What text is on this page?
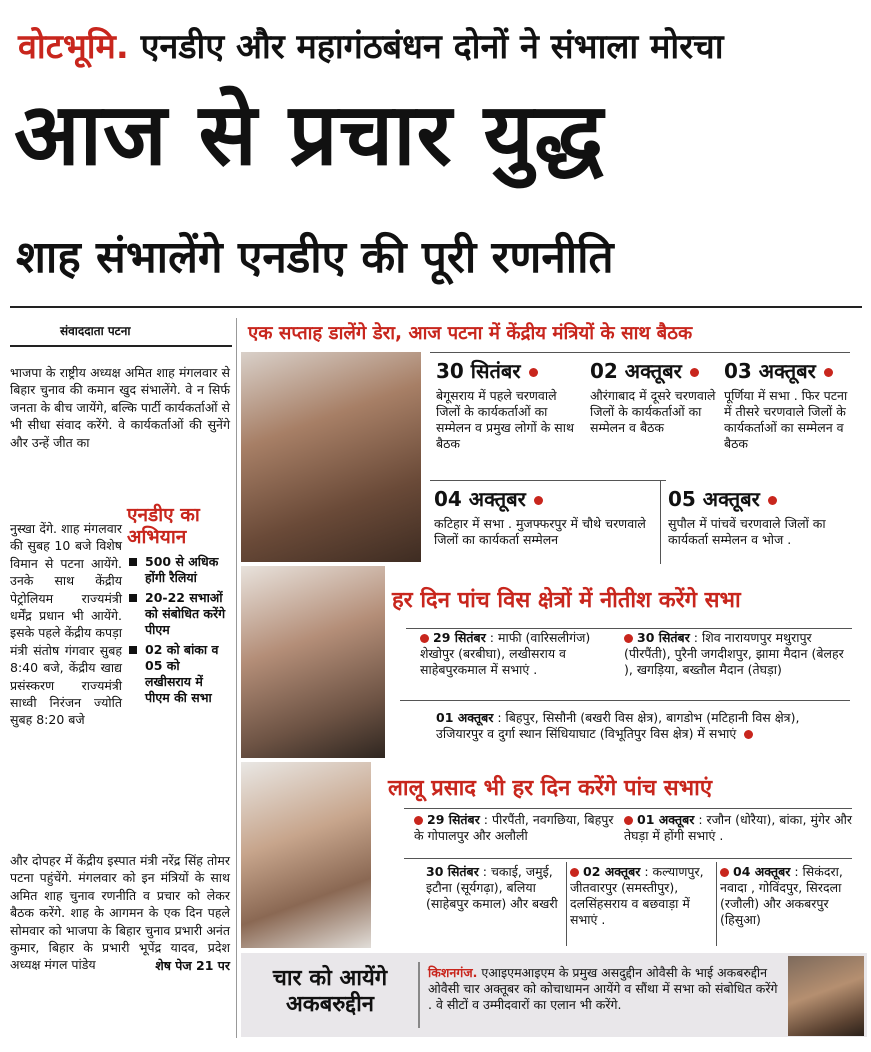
वोटभूमि. एनडीए और महागंठबंधन दोनों ने संभाला मोरचा
आज से प्रचार युद्ध
शाह संभालेंगे एनडीए की पूरी रणनीति
संवाददाता पटना

भाजपा के राष्ट्रीय अध्यक्ष अमित शाह मंगलवार से बिहार चुनाव की कमान खुद संभालेंगे. वे न सिर्फ जनता के बीच जायेंगे, बल्कि पार्टी कार्यकर्ताओं से भी सीधा संवाद करेंगे. वे कार्यकर्ताओं की सुनेंगे और उन्हें जीत का

नुस्खा देंगे. शाह मंगलवार की सुबह 10 बजे विशेष विमान से पटना आयेंगे. उनके साथ केंद्रीय पेट्रोलियम राज्यमंत्री धर्मेंद्र प्रधान भी आयेंगे. इसके पहले केंद्रीय कपड़ा मंत्री संतोष गंगवार सुबह 8:40 बजे, केंद्रीय खाद्य प्रसंस्करण राज्यमंत्री साध्वी निरंजन ज्योति सुबह 8:20 बजे

और दोपहर में केंद्रीय इस्पात मंत्री नरेंद्र सिंह तोमर पटना पहुंचेंगे. मंगलवार को इन मंत्रियों के साथ अमित शाह चुनाव रणनीति व प्रचार को लेकर बैठक करेंगे. शाह के आगमन के एक दिन पहले सोमवार को भाजपा के बिहार चुनाव प्रभारी अनंत कुमार, बिहार के प्रभारी भूपेंद्र यादव, प्रदेश अध्यक्ष मंगल पांडेय	शेष पेज 21 पर
एनडीए का अभियान
500 से अधिक होंगी रैलियां
20-22 सभाओं को संबोधित करेंगे पीएम
02 को बांका व 05 को लखीसराय में पीएम की सभा
एक सप्ताह डालेंगे डेरा, आज पटना में केंद्रीय मंत्रियों के साथ बैठक
30 सितंबर
बेगूसराय में पहले चरणवाले जिलों के कार्यकर्ताओं का सम्मेलन व प्रमुख लोगों के साथ बैठक
02 अक्तूबर
औरंगाबाद में दूसरे चरणवाले जिलों के कार्यकर्ताओं का सम्मेलन व बैठक
03 अक्तूबर
पूर्णिया में सभा . फिर पटना में तीसरे चरणवाले जिलों के कार्यकर्ताओं का सम्मेलन व बैठक
04 अक्तूबर
कटिहार में सभा . मुजफ्फरपुर में चौथे चरणवाले जिलों का कार्यकर्ता सम्मेलन
05 अक्तूबर
सुपौल में पांचवें चरणवाले जिलों का कार्यकर्ता सम्मेलन व भोज .
हर दिन पांच विस क्षेत्रों में नीतीश करेंगे सभा
29 सितंबर : माफी (वारिसलीगंज) शेखोपुर (बरबीघा), लखीसराय व साहेबपुरकमाल में सभाएं .
30 सितंबर : शिव नारायणपुर मथुरापुर (पीरपैंती), पुरैनी जगदीशपुर, झामा मैदान (बेलहर ), खगड़िया, बख्तौल मैदान (तेघड़ा)
01 अक्तूबर : बिहपुर, सिसौनी (बखरी विस क्षेत्र), बागडोभ (मटिहानी विस क्षेत्र), उजियारपुर व दुर्गा स्थान सिंधियाघाट (विभूतिपुर विस क्षेत्र) में सभाएं
लालू प्रसाद भी हर दिन करेंगे पांच सभाएं
29 सितंबर : पीरपैंती, नवगछिया, बिहपुर के गोपालपुर और अलौली
01 अक्तूबर : रजौन (धोरैया), बांका, मुंगेर और तेघड़ा में होंगी सभाएं .
30 सितंबर : चकाई, जमुई, इटौना (सूर्यगढ़ा), बलिया (साहेबपुर कमाल) और बखरी
02 अक्तूबर : कल्याणपुर, जीतवारपुर (समस्तीपुर), दलसिंहसराय व बछवाड़ा में सभाएं .
04 अक्तूबर : सिकंदरा, नवादा , गोविंदपुर, सिरदला (रजौली) और अकबरपुर (हिसुआ)
चार को आयेंगे अकबरुद्दीन
किशनगंज. एआइएमआइएम के प्रमुख असदुद्दीन ओवैसी के भाई अकबरुद्दीन ओवैसी चार अक्तूबर को कोचाधामन आयेंगे व सौंथा में सभा को संबोधित करेंगे . वे सीटों व उम्मीदवारों का एलान भी करेंगे.
